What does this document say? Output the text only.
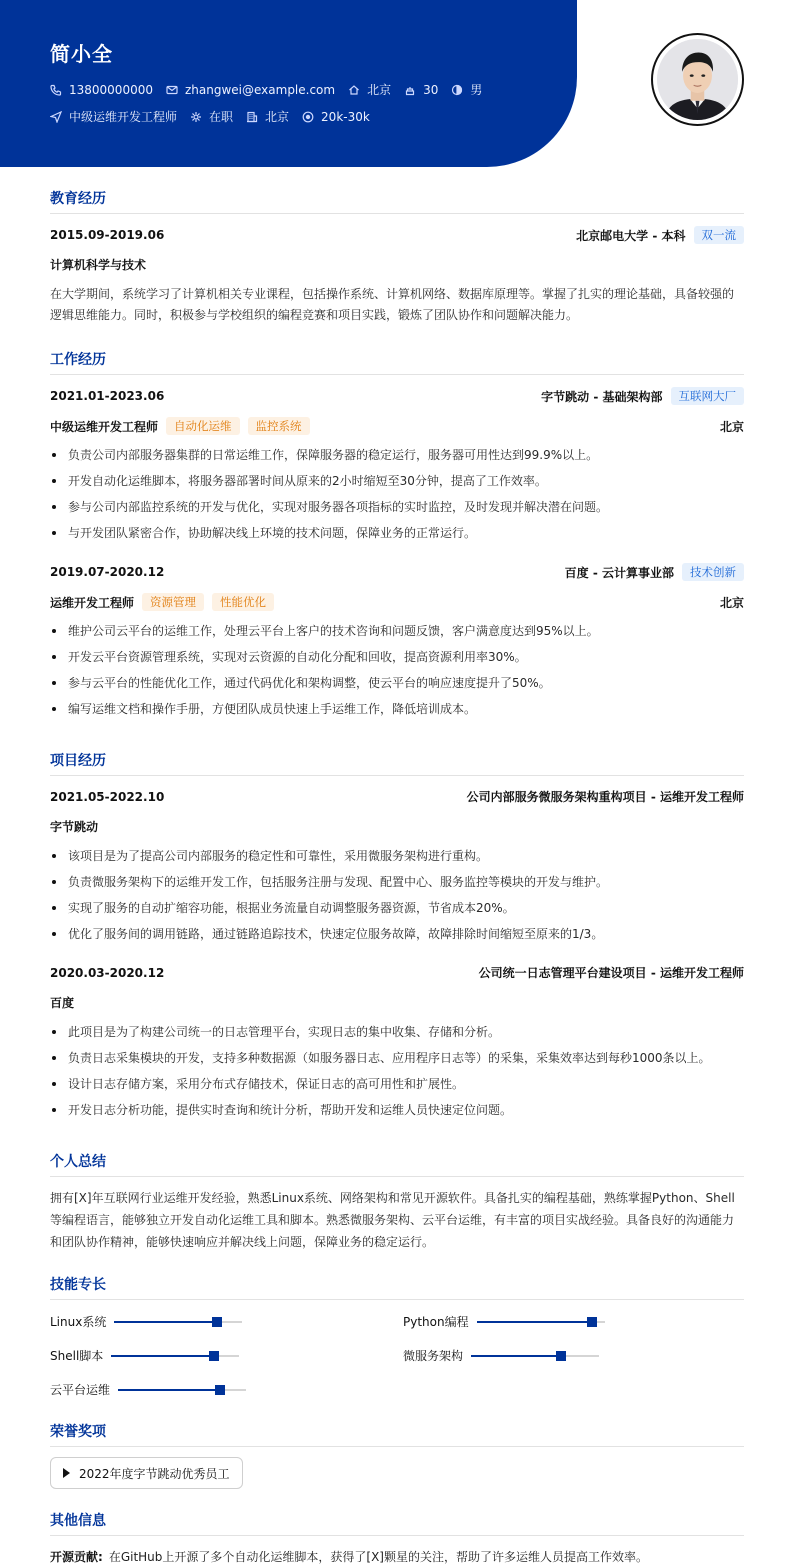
简小全
13800000000	zhangwei@example.com	北京	30	男
中级运维开发工程师	在职	北京	20k-30k
教育经历
2015.09-2019.06	北京邮电大学 - 本科	双一流
计算机科学与技术
在大学期间，系统学习了计算机相关专业课程，包括操作系统、计算机网络、数据库原理等。掌握了扎实的理论基础，具备较强的逻辑思维能力。同时，积极参与学校组织的编程竞赛和项目实践，锻炼了团队协作和问题解决能力。
工作经历
2021.01-2023.06	字节跳动 - 基础架构部	互联网大厂
中级运维开发工程师	自动化运维	监控系统	北京
负责公司内部服务器集群的日常运维工作，保障服务器的稳定运行，服务器可用性达到99.9%以上。
开发自动化运维脚本，将服务器部署时间从原来的2小时缩短至30分钟，提高了工作效率。
参与公司内部监控系统的开发与优化，实现对服务器各项指标的实时监控，及时发现并解决潜在问题。
与开发团队紧密合作，协助解决线上环境的技术问题，保障业务的正常运行。
2019.07-2020.12	百度 - 云计算事业部	技术创新
运维开发工程师	资源管理	性能优化	北京
维护公司云平台的运维工作，处理云平台上客户的技术咨询和问题反馈，客户满意度达到95%以上。
开发云平台资源管理系统，实现对云资源的自动化分配和回收，提高资源利用率30%。
参与云平台的性能优化工作，通过代码优化和架构调整，使云平台的响应速度提升了50%。
编写运维文档和操作手册，方便团队成员快速上手运维工作，降低培训成本。
项目经历
2021.05-2022.10	公司内部服务微服务架构重构项目 - 运维开发工程师
字节跳动
该项目是为了提高公司内部服务的稳定性和可靠性，采用微服务架构进行重构。
负责微服务架构下的运维开发工作，包括服务注册与发现、配置中心、服务监控等模块的开发与维护。
实现了服务的自动扩缩容功能，根据业务流量自动调整服务器资源，节省成本20%。
优化了服务间的调用链路，通过链路追踪技术，快速定位服务故障，故障排除时间缩短至原来的1/3。
2020.03-2020.12	公司统一日志管理平台建设项目 - 运维开发工程师
百度
此项目是为了构建公司统一的日志管理平台，实现日志的集中收集、存储和分析。
负责日志采集模块的开发，支持多种数据源（如服务器日志、应用程序日志等）的采集，采集效率达到每秒1000条以上。
设计日志存储方案，采用分布式存储技术，保证日志的高可用性和扩展性。
开发日志分析功能，提供实时查询和统计分析，帮助开发和运维人员快速定位问题。
个人总结
拥有[X]年互联网行业运维开发经验，熟悉Linux系统、网络架构和常见开源软件。具备扎实的编程基础，熟练掌握Python、Shell等编程语言，能够独立开发自动化运维工具和脚本。熟悉微服务架构、云平台运维，有丰富的项目实战经验。具备良好的沟通能力和团队协作精神，能够快速响应并解决线上问题，保障业务的稳定运行。
技能专长
Linux系统	Python编程
Shell脚本	微服务架构
云平台运维
荣誉奖项
2022年度字节跳动优秀员工
其他信息
开源贡献: 在GitHub上开源了多个自动化运维脚本，获得了[X]颗星的关注，帮助了许多运维人员提高工作效率。
